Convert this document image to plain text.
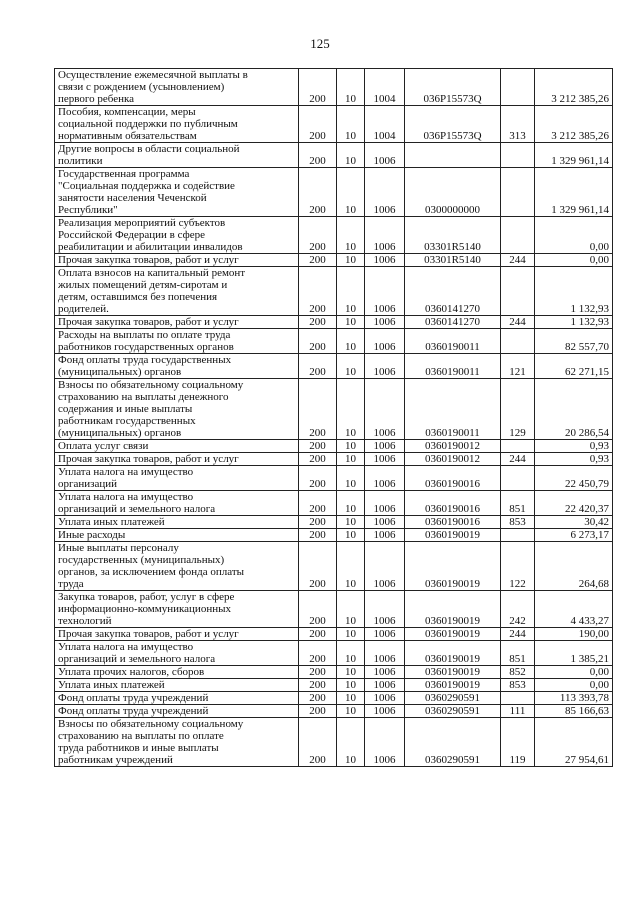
125
Осуществление ежемесячной выплаты в
связи с рождением (усыновлением)
первого ребенка	200	10	1004	036P15573Q		3 212 385,26

Пособия, компенсации, меры
социальной поддержки по публичным
нормативным обязательствам	200	10	1004	036P15573Q	313	3 212 385,26

Другие вопросы в области социальной
политики	200	10	1006			1 329 961,14

Государственная программа
"Социальная поддержка и содействие
занятости населения Чеченской
Республики"	200	10	1006	0300000000		1 329 961,14

Реализация мероприятий субъектов
Российской Федерации в сфере
реабилитации и абилитации инвалидов	200	10	1006	03301R5140		0,00

Прочая закупка товаров, работ и услуг	200	10	1006	03301R5140	244	0,00

Оплата взносов на капитальный ремонт
жилых помещений детям-сиротам и
детям, оставшимся без попечения
родителей.	200	10	1006	0360141270		1 132,93

Прочая закупка товаров, работ и услуг	200	10	1006	0360141270	244	1 132,93

Расходы на выплаты по оплате труда
работников государственных органов	200	10	1006	0360190011		82 557,70

Фонд оплаты труда государственных
(муниципальных) органов	200	10	1006	0360190011	121	62 271,15

Взносы по обязательному социальному
страхованию на выплаты денежного
содержания и иные выплаты
работникам государственных
(муниципальных) органов	200	10	1006	0360190011	129	20 286,54

Оплата услуг связи	200	10	1006	0360190012		0,93

Прочая закупка товаров, работ и услуг	200	10	1006	0360190012	244	0,93

Уплата налога на имущество
организаций	200	10	1006	0360190016		22 450,79

Уплата налога на имущество
организаций и земельного налога	200	10	1006	0360190016	851	22 420,37

Уплата иных платежей	200	10	1006	0360190016	853	30,42

Иные расходы	200	10	1006	0360190019		6 273,17

Иные выплаты персоналу
государственных (муниципальных)
органов, за исключением фонда оплаты
труда	200	10	1006	0360190019	122	264,68

Закупка товаров, работ, услуг в сфере
информационно-коммуникационных
технологий	200	10	1006	0360190019	242	4 433,27

Прочая закупка товаров, работ и услуг	200	10	1006	0360190019	244	190,00

Уплата налога на имущество
организаций и земельного налога	200	10	1006	0360190019	851	1 385,21

Уплата прочих налогов, сборов	200	10	1006	0360190019	852	0,00

Уплата иных платежей	200	10	1006	0360190019	853	0,00

Фонд оплаты труда учреждений	200	10	1006	0360290591		113 393,78

Фонд оплаты труда учреждений	200	10	1006	0360290591	111	85 166,63

Взносы по обязательному социальному
страхованию на выплаты по оплате
труда работников и иные выплаты
работникам учреждений	200	10	1006	0360290591	119	27 954,61
